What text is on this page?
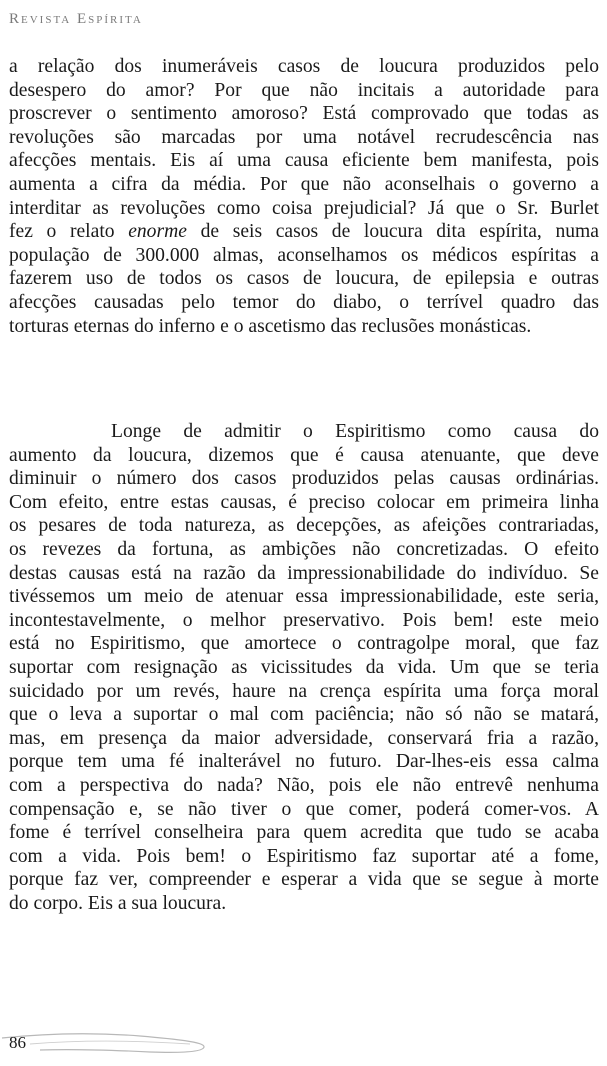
Revista Espírita
a relação dos inumeráveis casos de loucura produzidos pelo
desespero do amor? Por que não incitais a autoridade para
proscrever o sentimento amoroso? Está comprovado que todas as
revoluções são marcadas por uma notável recrudescência nas
afecções mentais. Eis aí uma causa eficiente bem manifesta, pois
aumenta a cifra da média. Por que não aconselhais o governo a
interditar as revoluções como coisa prejudicial? Já que o Sr. Burlet
fez o relato enorme de seis casos de loucura dita espírita, numa
população de 300.000 almas, aconselhamos os médicos espíritas a
fazerem uso de todos os casos de loucura, de epilepsia e outras
afecções causadas pelo temor do diabo, o terrível quadro das
torturas eternas do inferno e o ascetismo das reclusões monásticas.
Longe de admitir o Espiritismo como causa do
aumento da loucura, dizemos que é causa atenuante, que deve
diminuir o número dos casos produzidos pelas causas ordinárias.
Com efeito, entre estas causas, é preciso colocar em primeira linha
os pesares de toda natureza, as decepções, as afeições contrariadas,
os revezes da fortuna, as ambições não concretizadas. O efeito
destas causas está na razão da impressionabilidade do indivíduo. Se
tivéssemos um meio de atenuar essa impressionabilidade, este seria,
incontestavelmente, o melhor preservativo. Pois bem! este meio
está no Espiritismo, que amortece o contragolpe moral, que faz
suportar com resignação as vicissitudes da vida. Um que se teria
suicidado por um revés, haure na crença espírita uma força moral
que o leva a suportar o mal com paciência; não só não se matará,
mas, em presença da maior adversidade, conservará fria a razão,
porque tem uma fé inalterável no futuro. Dar-lhes-eis essa calma
com a perspectiva do nada? Não, pois ele não entrevê nenhuma
compensação e, se não tiver o que comer, poderá comer-vos. A
fome é terrível conselheira para quem acredita que tudo se acaba
com a vida. Pois bem! o Espiritismo faz suportar até a fome,
porque faz ver, compreender e esperar a vida que se segue à morte
do corpo. Eis a sua loucura.
86
